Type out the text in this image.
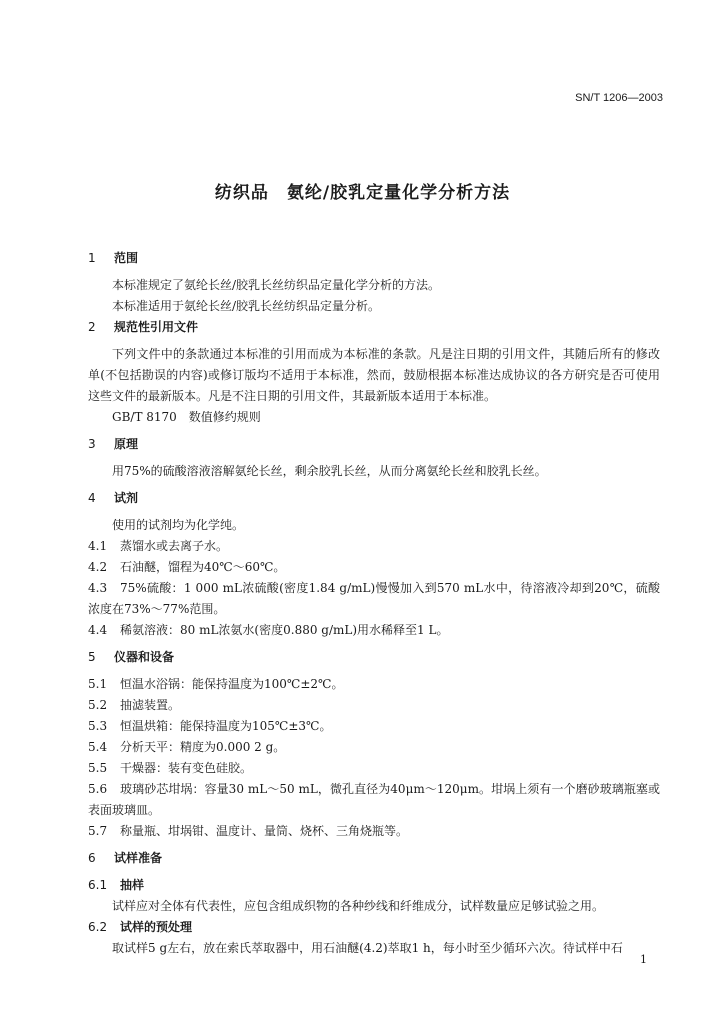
SN/T 1206—2003
纺织品　氨纶/胶乳定量化学分析方法

1 范围

本标准规定了氨纶长丝/胶乳长丝纺织品定量化学分析的方法。

本标准适用于氨纶长丝/胶乳长丝纺织品定量分析。

2 规范性引用文件

下列文件中的条款通过本标准的引用而成为本标准的条款。凡是注日期的引用文件，其随后所有的修改单(不包括勘误的内容)或修订版均不适用于本标准，然而，鼓励根据本标准达成协议的各方研究是否可使用这些文件的最新版本。凡是不注日期的引用文件，其最新版本适用于本标准。

GB/T 8170　数值修约规则

3 原理

用75%的硫酸溶液溶解氨纶长丝，剩余胶乳长丝，从而分离氨纶长丝和胶乳长丝。

4 试剂

使用的试剂均为化学纯。

4.1 蒸馏水或去离子水。

4.2 石油醚，馏程为40℃～60℃。

4.3 75%硫酸：1 000 mL浓硫酸(密度1.84 g/mL)慢慢加入到570 mL水中，待溶液冷却到20℃，硫酸浓度在73%～77%范围。

4.4 稀氨溶液：80 mL浓氨水(密度0.880 g/mL)用水稀释至1 L。

5 仪器和设备

5.1 恒温水浴锅：能保持温度为100℃±2℃。

5.2 抽滤装置。

5.3 恒温烘箱：能保持温度为105℃±3℃。

5.4 分析天平：精度为0.000 2 g。

5.5 干燥器：装有变色硅胶。

5.6 玻璃砂芯坩埚：容量30 mL～50 mL，微孔直径为40μm～120μm。坩埚上须有一个磨砂玻璃瓶塞或表面玻璃皿。

5.7 称量瓶、坩埚钳、温度计、量筒、烧杯、三角烧瓶等。

6 试样准备

6.1 抽样

试样应对全体有代表性，应包含组成织物的各种纱线和纤维成分，试样数量应足够试验之用。

6.2 试样的预处理

取试样5 g左右，放在索氏萃取器中，用石油醚(4.2)萃取1 h，每小时至少循环六次。待试样中石

1
